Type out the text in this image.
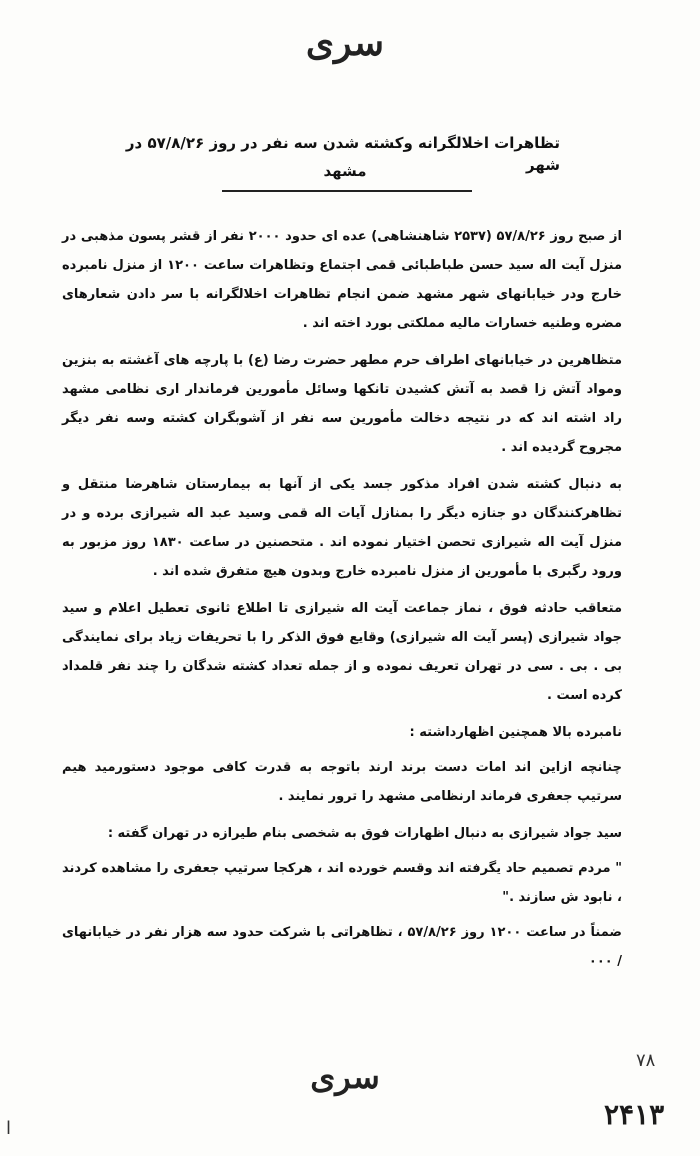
سری
تظاهرات اخلالگرانه وکشته شدن سه نفر در روز ۵۷/۸/۲۶ در شهر
مشهد

از صبح روز ۵۷/۸/۲۶ (۲۵۳۷ شاهنشاهی) عده ای حدود ۲۰۰۰ نفر از قشر پسون مذهبی در منزل آیت اله سید حسن طباطبائی قمی اجتماع وتظاهرات ساعت ۱۲۰۰ از منزل نامبرده خارج ودر خیابانهای شهر مشهد ضمن انجام تظاهرات اخلالگرانه با سر دادن شعارهای مضره وطنیه خسارات مالیه مملکتی بورد اخته اند .

متظاهرین در خیابانهای اطراف حرم مطهر حضرت رضا (ع) با پارچه های آغشته به بنزین ومواد آتش زا قصد به آتش کشیدن تانکها وسائل مأمورین فرماندار اری نظامی مشهد راد اشته اند که در نتیجه دخالت مأمورین سه نفر از آشوبگران کشته وسه نفر دیگر مجروح گردیده اند .

به دنبال کشته شدن افراد مذکور جسد یکی از آنها به بیمارستان شاهرضا منتقل و تظاهرکنندگان دو جنازه دیگر را بمنازل آیات اله قمی وسید عبد اله شیرازی برده و در منزل آیت اله شیرازی تحصن اختیار نموده اند . متحصنین در ساعت ۱۸۳۰ روز مزبور به ورود رگبری با مأمورین از منزل نامبرده خارج وبدون هیچ متفرق شده اند .

متعاقب حادثه فوق ، نماز جماعت آیت اله شیرازی تا اطلاع ثانوی تعطیل اعلام و سید جواد شیرازی (پسر آیت اله شیرازی) وقایع فوق الذکر را با تحریفات زیاد برای نمایندگی بی . بی . سی در تهران تعریف نموده و از جمله تعداد کشته شدگان را چند نفر قلمداد کرده است .

نامبرده بالا همچنین اظهارداشته :

چنانچه ازاین اند امات دست برند ارند باتوجه به قدرت کافی موجود دستورمید هیم سرتیپ جعفری فرماند ارنظامی مشهد را ترور نمایند .

سید جواد شیرازی به دنبال اظهارات فوق به شخصی بنام طیرازه در تهران گفته :

" مردم تصمیم حاد یگرفته اند وقسم خورده اند ، هرکجا سرتیپ جعفری را مشاهده کردند ، نابود ش سازند ."

ضمناً در ساعت ۱۲۰۰ روز ۵۷/۸/۲۶ ، تظاهراتی با شرکت حدود سه هزار نفر در خیابانهای / ۰۰۰

سری	۷۸
۲۴۱۳
ا
